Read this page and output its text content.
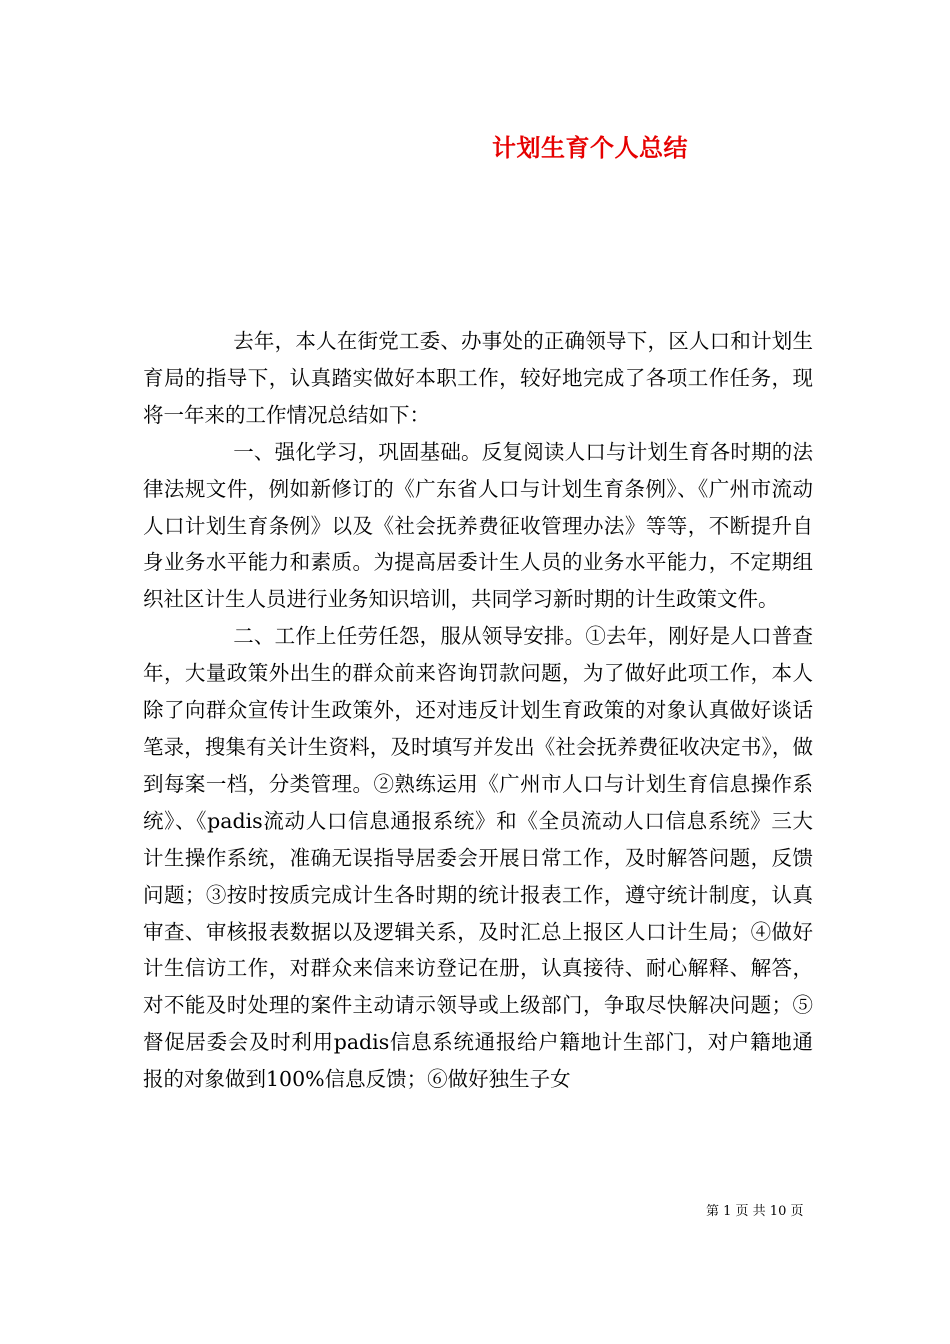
计划生育个人总结

去年，本人在街党工委、办事处的正确领导下，区人口和计划生育局的指导下，认真踏实做好本职工作，较好地完成了各项工作任务，现将一年来的工作情况总结如下：

一、强化学习，巩固基础。反复阅读人口与计划生育各时期的法律法规文件，例如新修订的《广东省人口与计划生育条例》、《广州市流动人口计划生育条例》以及《社会抚养费征收管理办法》等等，不断提升自身业务水平能力和素质。为提高居委计生人员的业务水平能力，不定期组织社区计生人员进行业务知识培训，共同学习新时期的计生政策文件。

二、工作上任劳任怨，服从领导安排。①去年，刚好是人口普查年，大量政策外出生的群众前来咨询罚款问题，为了做好此项工作，本人除了向群众宣传计生政策外，还对违反计划生育政策的对象认真做好谈话笔录，搜集有关计生资料，及时填写并发出《社会抚养费征收决定书》，做到每案一档，分类管理。②熟练运用《广州市人口与计划生育信息操作系统》、《padis流动人口信息通报系统》和《全员流动人口信息系统》三大计生操作系统，准确无误指导居委会开展日常工作，及时解答问题，反馈问题；③按时按质完成计生各时期的统计报表工作，遵守统计制度，认真审查、审核报表数据以及逻辑关系，及时汇总上报区人口计生局；④做好计生信访工作，对群众来信来访登记在册，认真接待、耐心解释、解答，对不能及时处理的案件主动请示领导或上级部门，争取尽快解决问题；⑤督促居委会及时利用padis信息系统通报给户籍地计生部门，对户籍地通报的对象做到100%信息反馈；⑥做好独生子女

第 1 页 共 10 页
